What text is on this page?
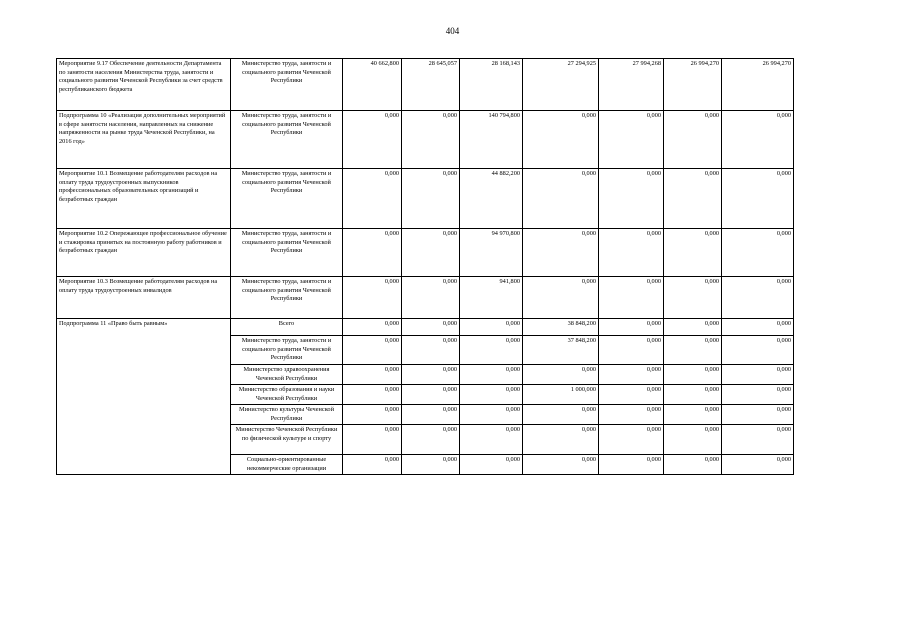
404
Мероприятие 9.17 Обеспечение деятельности Департамента по занятости населения Министерства труда, занятости и социального развития Чеченской Республики за счет средств республиканского бюджета	Министерство труда, занятости и социального развития Чеченской Республики	40 662,800	28 645,057	28 168,143	27 294,925	27 994,268	26 994,270	26 994,270
Подпрограмма 10 «Реализация дополнительных мероприятий в сфере занятости населения, направленных на снижение напряженности на рынке труда Чеченской Республики, на 2016 год»	Министерство труда, занятости и социального развития Чеченской Республики	0,000	0,000	140 794,800	0,000	0,000	0,000	0,000
Мероприятие 10.1 Возмещение работодателям расходов на оплату труда трудоустроенных выпускников профессиональных образовательных организаций и безработных граждан	Министерство труда, занятости и социального развития Чеченской Республики	0,000	0,000	44 882,200	0,000	0,000	0,000	0,000
Мероприятие 10.2 Опережающее профессиональное обучение и стажировка принятых на постоянную работу работников и безработных граждан	Министерство труда, занятости и социального развития Чеченской Республики	0,000	0,000	94 970,800	0,000	0,000	0,000	0,000
Мероприятие 10.3 Возмещение работодателям расходов на оплату труда трудоустроенных инвалидов	Министерство труда, занятости и социального развития Чеченской Республики	0,000	0,000	941,800	0,000	0,000	0,000	0,000
Подпрограмма 11 «Право быть равным»	Всего	0,000	0,000	0,000	38 848,200	0,000	0,000	0,000
	Министерство труда, занятости и социального развития Чеченской Республики	0,000	0,000	0,000	37 848,200	0,000	0,000	0,000
	Министерство здравоохранения Чеченской Республики	0,000	0,000	0,000	0,000	0,000	0,000	0,000
	Министерство образования и науки Чеченской Республики	0,000	0,000	0,000	1 000,000	0,000	0,000	0,000
	Министерство культуры Чеченской Республики	0,000	0,000	0,000	0,000	0,000	0,000	0,000
	Министерство Чеченской Республики по физической культуре и спорту	0,000	0,000	0,000	0,000	0,000	0,000	0,000
	Социально-ориентированные некоммерческие организации	0,000	0,000	0,000	0,000	0,000	0,000	0,000
